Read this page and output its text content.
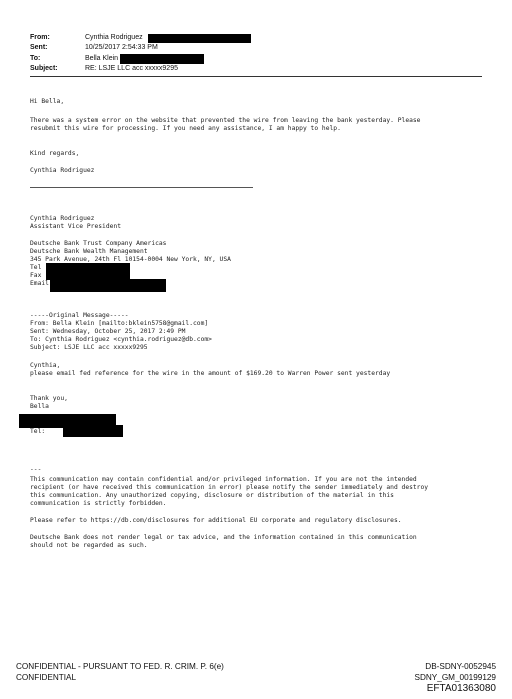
From:	Cynthia Rodriguez
Sent:	10/25/2017 2:54:33 PM
To:	Bella Klein
Subject:	RE: LSJE LLC acc xxxxx9295
Hi Bella,
There was a system error on the website that prevented the wire from leaving the bank yesterday. Please
resubmit this wire for processing. If you need any assistance, I am happy to help.
Kind regards,
Cynthia Rodriguez
Cynthia Rodriguez
Assistant Vice President
Deutsche Bank Trust Company Americas
Deutsche Bank Wealth Management
345 Park Avenue, 24th Fl 10154-0004 New York, NY, USA
Tel
Fax
Email
-----Original Message-----
From: Bella Klein [mailto:bklein5758@gmail.com]
Sent: Wednesday, October 25, 2017 2:49 PM
To: Cynthia Rodriguez <cynthia.rodriguez@db.com>
Subject: LSJE LLC acc xxxxx9295
Cynthia,
please email fed reference for the wire in the amount of $169.20 to Warren Power sent yesterday
Thank you,
Bella
Tel:
---
This communication may contain confidential and/or privileged information. If you are not the intended
recipient (or have received this communication in error) please notify the sender immediately and destroy
this communication. Any unauthorized copying, disclosure or distribution of the material in this
communication is strictly forbidden.
Please refer to https://db.com/disclosures for additional EU corporate and regulatory disclosures.
Deutsche Bank does not render legal or tax advice, and the information contained in this communication
should not be regarded as such.
CONFIDENTIAL - PURSUANT TO FED. R. CRIM. P. 6(e)
CONFIDENTIAL
DB-SDNY-0052945
SDNY_GM_00199129
EFTA01363080
